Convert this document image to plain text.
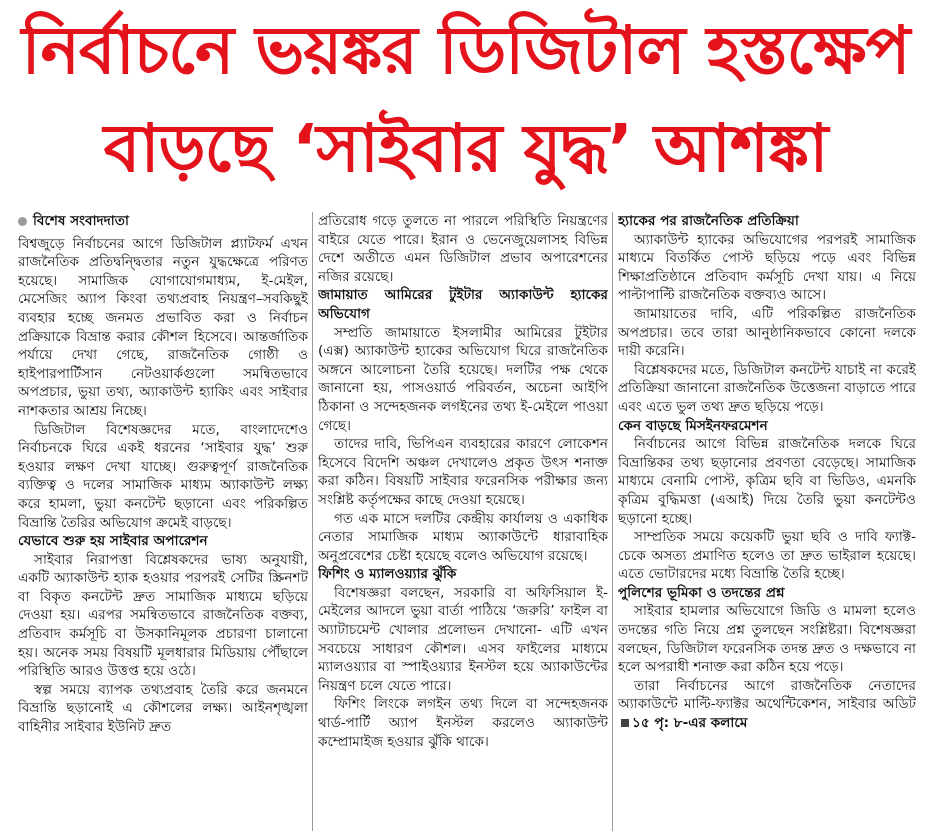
নির্বাচনে ভয়ঙ্কর ডিজিটাল হস্তক্ষেপ
বাড়ছে ‘সাইবার যুদ্ধ’ আশঙ্কা
বিশেষ সংবাদদাতা

বিশ্বজুড়ে নির্বাচনের আগে ডিজিটাল প্ল্যাটফর্ম এখন রাজনৈতিক প্রতিদ্বন্দ্বিতার নতুন যুদ্ধক্ষেত্রে পরিণত হয়েছে। সামাজিক যোগাযোগমাধ্যম, ই-মেইল, মেসেজিং অ্যাপ কিংবা তথ্যপ্রবাহ নিয়ন্ত্রণ–সবকিছুই ব্যবহার হচ্ছে জনমত প্রভাবিত করা ও নির্বাচন প্রক্রিয়াকে বিভ্রান্ত করার কৌশল হিসেবে। আন্তর্জাতিক পর্যায়ে দেখা গেছে, রাজনৈতিক গোষ্ঠী ও হাইপারপার্টিসান নেটওয়ার্কগুলো সমন্বিতভাবে অপপ্রচার, ভুয়া তথ্য, অ্যাকাউন্ট হ্যাকিং এবং সাইবার নাশকতার আশ্রয় নিচ্ছে।

ডিজিটাল বিশেষজ্ঞদের মতে, বাংলাদেশেও নির্বাচনকে ঘিরে একই ধরনের ‘সাইবার যুদ্ধ’ শুরু হওয়ার লক্ষণ দেখা যাচ্ছে। গুরুত্বপূর্ণ রাজনৈতিক ব্যক্তিত্ব ও দলের সামাজিক মাধ্যম অ্যাকাউন্ট লক্ষ্য করে হামলা, ভুয়া কনটেন্ট ছড়ানো এবং পরিকল্পিত বিভ্রান্তি তৈরির অভিযোগ ক্রমেই বাড়ছে।

যেভাবে শুরু হয় সাইবার অপারেশন

সাইবার নিরাপত্তা বিশ্লেষকদের ভাষ্য অনুযায়ী, একটি অ্যাকাউন্ট হ্যাক হওয়ার পরপরই সেটির স্ক্রিনশট বা বিকৃত কনটেন্ট দ্রুত সামাজিক মাধ্যমে ছড়িয়ে দেওয়া হয়। এরপর সমন্বিতভাবে রাজনৈতিক বক্তব্য, প্রতিবাদ কর্মসূচি বা উসকানিমূলক প্রচারণা চালানো হয়। অনেক সময় বিষয়টি মূলধারার মিডিয়ায় পৌঁছালে পরিস্থিতি আরও উত্তপ্ত হয়ে ওঠে।

স্বল্প সময়ে ব্যাপক তথ্যপ্রবাহ তৈরি করে জনমনে বিভ্রান্তি ছড়ানোই এ কৌশলের লক্ষ্য। আইনশৃঙ্খলা বাহিনীর সাইবার ইউনিট দ্রুত

প্রতিরোধ গড়ে তুলতে না পারলে পরিস্থিতি নিয়ন্ত্রণের বাইরে যেতে পারে। ইরান ও ভেনেজুয়েলাসহ বিভিন্ন দেশে অতীতে এমন ডিজিটাল প্রভাব অপারেশনের নজির রয়েছে।

জামায়াত আমিরের টুইটার অ্যাকাউন্ট হ্যাকের অভিযোগ

সম্প্রতি জামায়াতে ইসলামীর আমিরের টুইটার (এক্স) অ্যাকাউন্ট হ্যাকের অভিযোগ ঘিরে রাজনৈতিক অঙ্গনে আলোচনা তৈরি হয়েছে। দলটির পক্ষ থেকে জানানো হয়, পাসওয়ার্ড পরিবর্তন, অচেনা আইপি ঠিকানা ও সন্দেহজনক লগইনের তথ্য ই-মেইলে পাওয়া গেছে।

তাদের দাবি, ভিপিএন ব্যবহারের কারণে লোকেশন হিসেবে বিদেশি অঞ্চল দেখালেও প্রকৃত উৎস শনাক্ত করা কঠিন। বিষয়টি সাইবার ফরেনসিক পরীক্ষার জন্য সংশ্লিষ্ট কর্তৃপক্ষের কাছে দেওয়া হয়েছে।

গত এক মাসে দলটির কেন্দ্রীয় কার্যালয় ও একাধিক নেতার সামাজিক মাধ্যম অ্যাকাউন্টে ধারাবাহিক অনুপ্রবেশের চেষ্টা হয়েছে বলেও অভিযোগ রয়েছে।

ফিশিং ও ম্যালওয়্যার ঝুঁকি

বিশেষজ্ঞরা বলছেন, সরকারি বা অফিসিয়াল ই-মেইলের আদলে ভুয়া বার্তা পাঠিয়ে ‘জরুরি’ ফাইল বা অ্যাটাচমেন্ট খোলার প্রলোভন দেখানো- এটি এখন সবচেয়ে সাধারণ কৌশল। এসব ফাইলের মাধ্যমে ম্যালওয়্যার বা স্পাইওয়্যার ইনস্টল হয়ে অ্যাকাউন্টের নিয়ন্ত্রণ চলে যেতে পারে।

ফিশিং লিংকে লগইন তথ্য দিলে বা সন্দেহজনক থার্ড-পার্টি অ্যাপ ইনস্টল করলেও অ্যাকাউন্ট কম্প্রোমাইজ হওয়ার ঝুঁকি থাকে।

হ্যাকের পর রাজনৈতিক প্রতিক্রিয়া

অ্যাকাউন্ট হ্যাকের অভিযোগের পরপরই সামাজিক মাধ্যমে বিতর্কিত পোস্ট ছড়িয়ে পড়ে এবং বিভিন্ন শিক্ষাপ্রতিষ্ঠানে প্রতিবাদ কর্মসূচি দেখা যায়। এ নিয়ে পাল্টাপাল্টি রাজনৈতিক বক্তব্যও আসে।

জামায়াতের দাবি, এটি পরিকল্পিত রাজনৈতিক অপপ্রচার। তবে তারা আনুষ্ঠানিকভাবে কোনো দলকে দায়ী করেনি।

বিশ্লেষকদের মতে, ডিজিটাল কনটেন্ট যাচাই না করেই প্রতিক্রিয়া জানানো রাজনৈতিক উত্তেজনা বাড়াতে পারে এবং এতে ভুল তথ্য দ্রুত ছড়িয়ে পড়ে।

কেন বাড়ছে মিসইনফরমেশন

নির্বাচনের আগে বিভিন্ন রাজনৈতিক দলকে ঘিরে বিভ্রান্তিকর তথ্য ছড়ানোর প্রবণতা বেড়েছে। সামাজিক মাধ্যমে বেনামি পোস্ট, কৃত্রিম ছবি বা ভিডিও, এমনকি কৃত্রিম বুদ্ধিমত্তা (এআই) দিয়ে তৈরি ভুয়া কনটেন্টও ছড়ানো হচ্ছে।

সাম্প্রতিক সময়ে কয়েকটি ভুয়া ছবি ও দাবি ফ্যাক্ট-চেকে অসত্য প্রমাণিত হলেও তা দ্রুত ভাইরাল হয়েছে। এতে ভোটারদের মধ্যে বিভ্রান্তি তৈরি হচ্ছে।

পুলিশের ভূমিকা ও তদন্তের প্রশ্ন

সাইবার হামলার অভিযোগে জিডি ও মামলা হলেও তদন্তের গতি নিয়ে প্রশ্ন তুলছেন সংশ্লিষ্টরা। বিশেষজ্ঞরা বলছেন, ডিজিটাল ফরেনসিক তদন্ত দ্রুত ও দক্ষভাবে না হলে অপরাধী শনাক্ত করা কঠিন হয়ে পড়ে।

তারা নির্বাচনের আগে রাজনৈতিক নেতাদের অ্যাকাউন্টে মাল্টি-ফ্যাক্টর অথেন্টিকেশন, সাইবার অডিট১৫ পৃ: ৮-এর কলামে
